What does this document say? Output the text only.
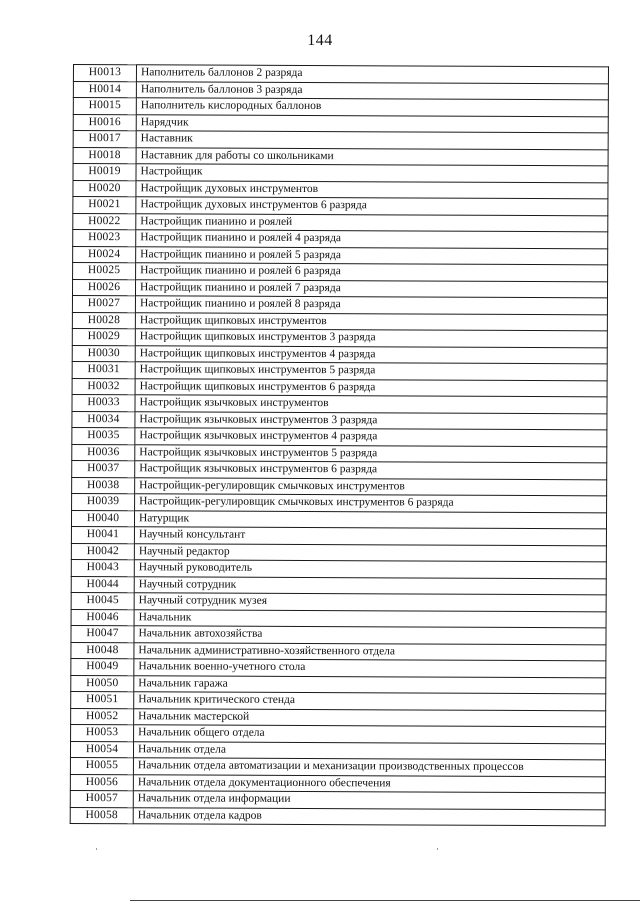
144
Н0013	Наполнитель баллонов 2 разряда
Н0014	Наполнитель баллонов 3 разряда
Н0015	Наполнитель кислородных баллонов
Н0016	Нарядчик
Н0017	Наставник
Н0018	Наставник для работы со школьниками
Н0019	Настройщик
Н0020	Настройщик духовых инструментов
Н0021	Настройщик духовых инструментов 6 разряда
Н0022	Настройщик пианино и роялей
Н0023	Настройщик пианино и роялей 4 разряда
Н0024	Настройщик пианино и роялей 5 разряда
Н0025	Настройщик пианино и роялей 6 разряда
Н0026	Настройщик пианино и роялей 7 разряда
Н0027	Настройщик пианино и роялей 8 разряда
Н0028	Настройщик щипковых инструментов
Н0029	Настройщик щипковых инструментов 3 разряда
Н0030	Настройщик щипковых инструментов 4 разряда
Н0031	Настройщик щипковых инструментов 5 разряда
Н0032	Настройщик щипковых инструментов 6 разряда
Н0033	Настройщик язычковых инструментов
Н0034	Настройщик язычковых инструментов 3 разряда
Н0035	Настройщик язычковых инструментов 4 разряда
Н0036	Настройщик язычковых инструментов 5 разряда
Н0037	Настройщик язычковых инструментов 6 разряда
Н0038	Настройщик-регулировщик смычковых инструментов
Н0039	Настройщик-регулировщик смычковых инструментов 6 разряда
Н0040	Натурщик
Н0041	Научный консультант
Н0042	Научный редактор
Н0043	Научный руководитель
Н0044	Научный сотрудник
Н0045	Научный сотрудник музея
Н0046	Начальник
Н0047	Начальник автохозяйства
Н0048	Начальник административно-хозяйственного отдела
Н0049	Начальник военно-учетного стола
Н0050	Начальник гаража
Н0051	Начальник критического стенда
Н0052	Начальник мастерской
Н0053	Начальник общего отдела
Н0054	Начальник отдела
Н0055	Начальник отдела автоматизации и механизации производственных процессов
Н0056	Начальник отдела документационного обеспечения
Н0057	Начальник отдела информации
Н0058	Начальник отдела кадров
